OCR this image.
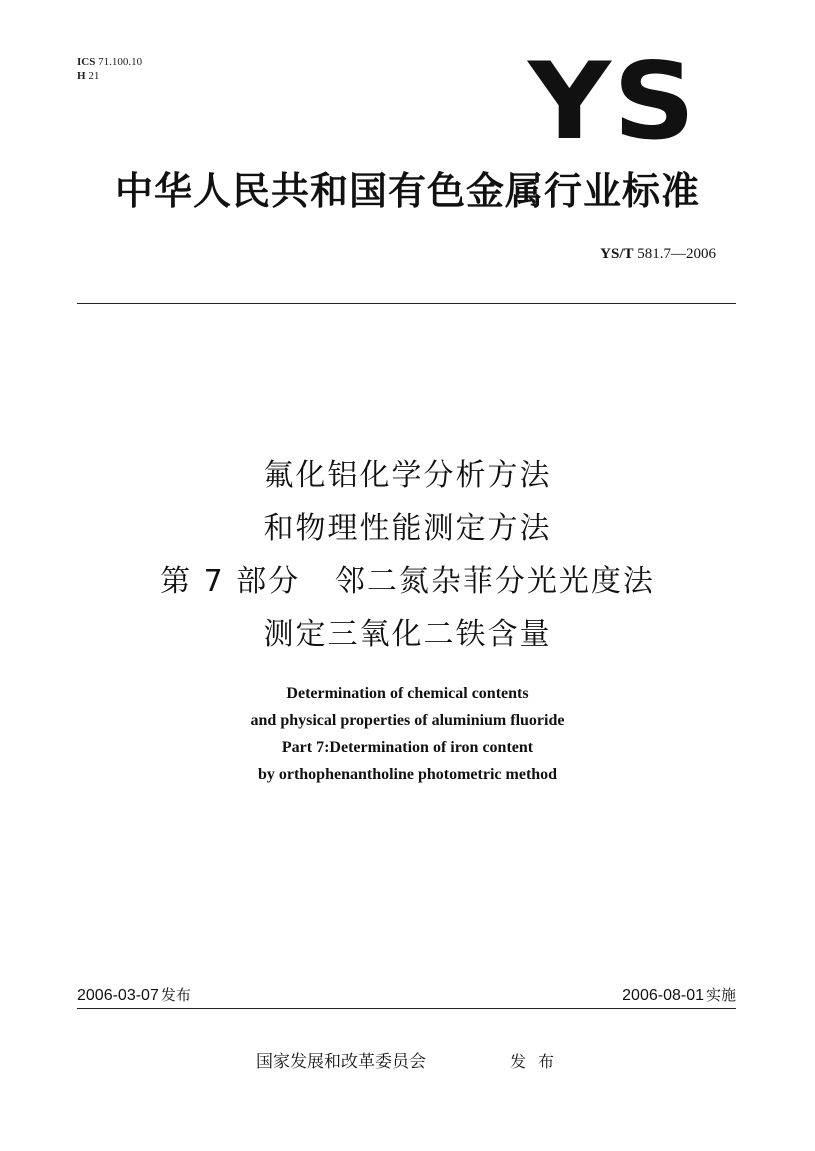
ICS 71.100.10
H 21	YS
中华人民共和国有色金属行业标准
YS/T 581.7—2006
氟化铝化学分析方法
和物理性能测定方法
第 7 部分   邻二氮杂菲分光光度法
测定三氧化二铁含量
Determination of chemical contents
and physical properties of aluminium fluoride
Part 7:Determination of iron content
by orthophenantholine photometric method
2006-03-07 发布	2006-08-01 实施
国家发展和改革委员会	发布
